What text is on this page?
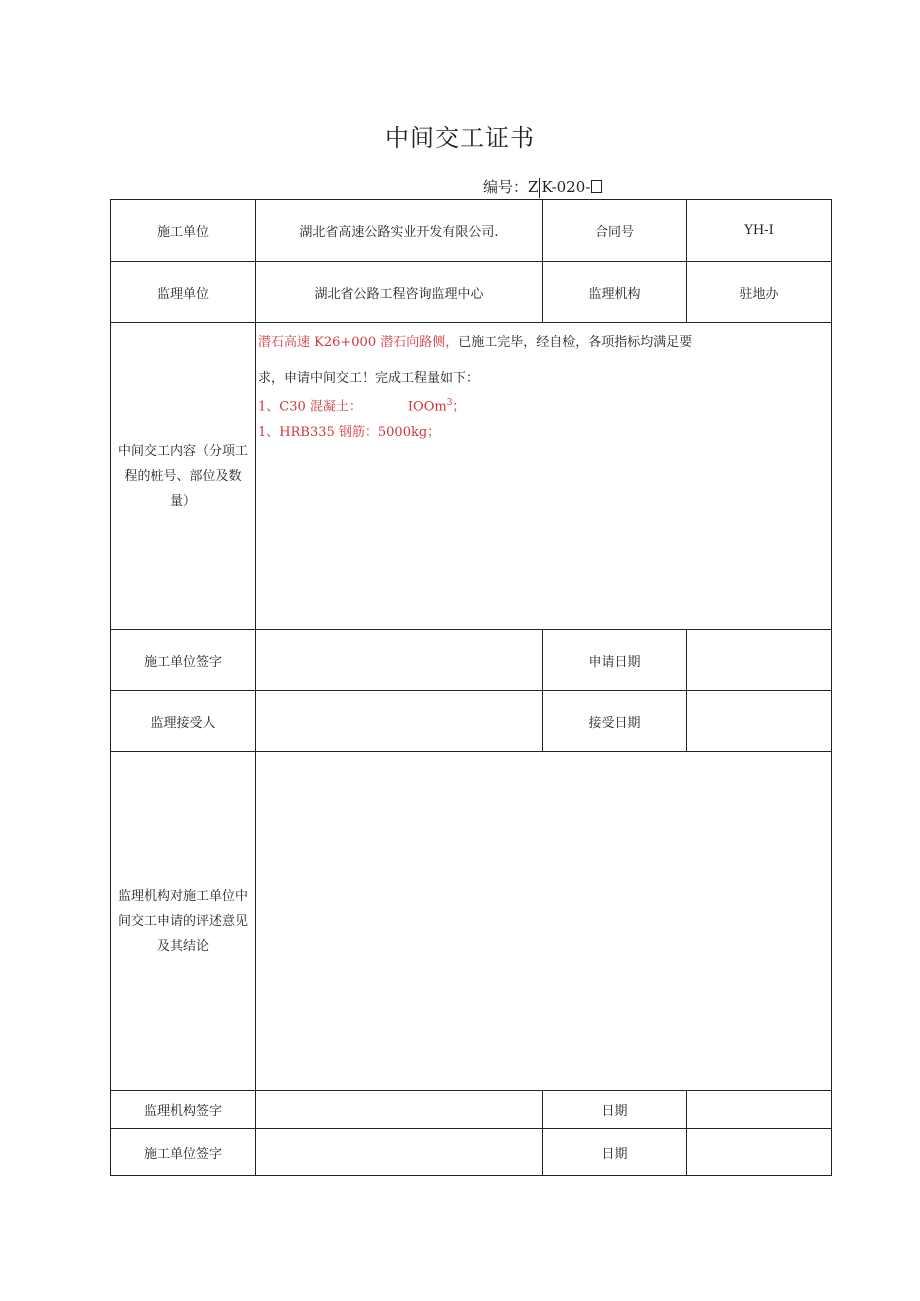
中间交工证书
编号：Z K-020-
施工单位	湖北省高速公路实业开发有限公司.	合同号	YH-I
监理单位	湖北省公路工程咨询监理中心	监理机构	驻地办
中间交工内容（分项工程的桩号、部位及数量）	潜石高速 K26+000 潜石向路侧，已施工完毕，经自检，各项指标均满足要
求，申请中间交工！完成工程量如下：
1、C30 混凝土： IOOm$^3$；
1、HRB335 钢筋：5000kg；		

施工单位签字		申请日期	
监理接受人		接受日期	
监理机构对施工单位中间交工申请的评述意见及其结论			
监理机构签字		日期	
施工单位签字		日期	
